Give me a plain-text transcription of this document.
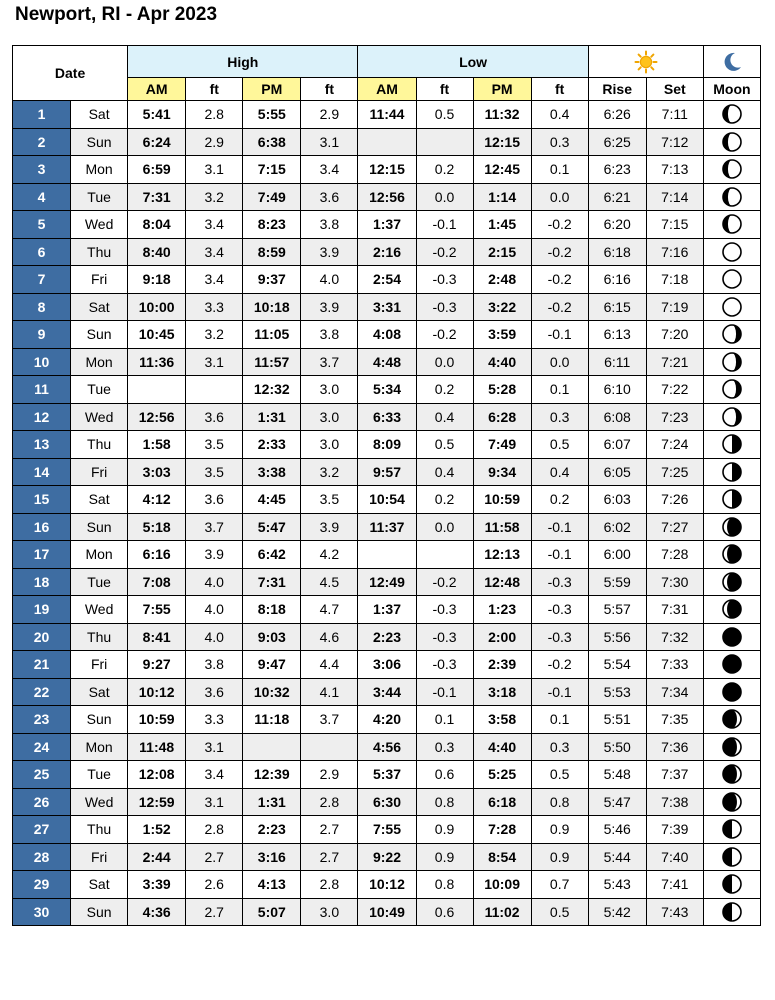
Newport, RI - Apr 2023
Date		High				Low	

		AM	ft	PM	ft	AM	ft	PM	ft	Rise	Set	Moon
1	Sat	5:41	2.8	5:55	2.9	11:44	0.5	11:32	0.4	6:26	7:11	

2	Sun	6:24	2.9	6:38	3.1			12:15	0.3	6:25	7:12	

3	Mon	6:59	3.1	7:15	3.4	12:15	0.2	12:45	0.1	6:23	7:13	

4	Tue	7:31	3.2	7:49	3.6	12:56	0.0	1:14	0.0	6:21	7:14	

5	Wed	8:04	3.4	8:23	3.8	1:37	-0.1	1:45	-0.2	6:20	7:15	

6	Thu	8:40	3.4	8:59	3.9	2:16	-0.2	2:15	-0.2	6:18	7:16	

7	Fri	9:18	3.4	9:37	4.0	2:54	-0.3	2:48	-0.2	6:16	7:18	

8	Sat	10:00	3.3	10:18	3.9	3:31	-0.3	3:22	-0.2	6:15	7:19	

9	Sun	10:45	3.2	11:05	3.8	4:08	-0.2	3:59	-0.1	6:13	7:20	

10	Mon	11:36	3.1	11:57	3.7	4:48	0.0	4:40	0.0	6:11	7:21	

11	Tue			12:32	3.0	5:34	0.2	5:28	0.1	6:10	7:22	

12	Wed	12:56	3.6	1:31	3.0	6:33	0.4	6:28	0.3	6:08	7:23	

13	Thu	1:58	3.5	2:33	3.0	8:09	0.5	7:49	0.5	6:07	7:24	

14	Fri	3:03	3.5	3:38	3.2	9:57	0.4	9:34	0.4	6:05	7:25	

15	Sat	4:12	3.6	4:45	3.5	10:54	0.2	10:59	0.2	6:03	7:26	

16	Sun	5:18	3.7	5:47	3.9	11:37	0.0	11:58	-0.1	6:02	7:27	

17	Mon	6:16	3.9	6:42	4.2			12:13	-0.1	6:00	7:28	

18	Tue	7:08	4.0	7:31	4.5	12:49	-0.2	12:48	-0.3	5:59	7:30	

19	Wed	7:55	4.0	8:18	4.7	1:37	-0.3	1:23	-0.3	5:57	7:31	

20	Thu	8:41	4.0	9:03	4.6	2:23	-0.3	2:00	-0.3	5:56	7:32	

21	Fri	9:27	3.8	9:47	4.4	3:06	-0.3	2:39	-0.2	5:54	7:33	

22	Sat	10:12	3.6	10:32	4.1	3:44	-0.1	3:18	-0.1	5:53	7:34	

23	Sun	10:59	3.3	11:18	3.7	4:20	0.1	3:58	0.1	5:51	7:35	

24	Mon	11:48	3.1			4:56	0.3	4:40	0.3	5:50	7:36	

25	Tue	12:08	3.4	12:39	2.9	5:37	0.6	5:25	0.5	5:48	7:37	

26	Wed	12:59	3.1	1:31	2.8	6:30	0.8	6:18	0.8	5:47	7:38	

27	Thu	1:52	2.8	2:23	2.7	7:55	0.9	7:28	0.9	5:46	7:39	

28	Fri	2:44	2.7	3:16	2.7	9:22	0.9	8:54	0.9	5:44	7:40	

29	Sat	3:39	2.6	4:13	2.8	10:12	0.8	10:09	0.7	5:43	7:41	

30	Sun	4:36	2.7	5:07	3.0	10:49	0.6	11:02	0.5	5:42	7:43	
